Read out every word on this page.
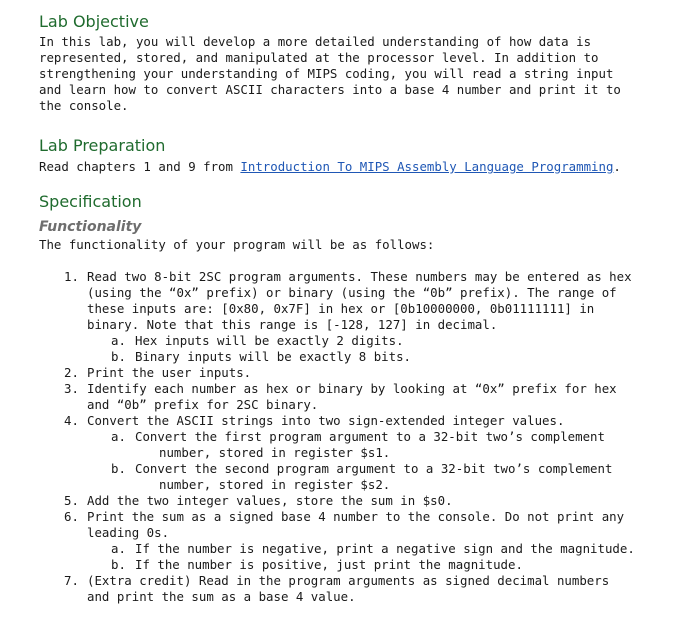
Lab Objective

In this lab, you will develop a more detailed understanding of how data is represented, stored, and manipulated at the processor level. In addition to strengthening your understanding of MIPS coding, you will read a string input and learn how to convert ASCII characters into a base 4 number and print it to the console.

Lab Preparation

Read chapters 1 and 9 from Introduction To MIPS Assembly Language Programming.

Specification
Functionality

The functionality of your program will be as follows:

1. Read two 8-bit 2SC program arguments. These numbers may be entered as hex (using the “0x” prefix) or binary (using the “0b” prefix). The range of these inputs are: [0x80, 0x7F] in hex or [0b10000000, 0b01111111] in binary. Note that this range is [-128, 127] in decimal.
a. Hex inputs will be exactly 2 digits.
b. Binary inputs will be exactly 8 bits.
2. Print the user inputs.
3. Identify each number as hex or binary by looking at “0x” prefix for hex and “0b” prefix for 2SC binary.
4. Convert the ASCII strings into two sign-extended integer values.
a. Convert the first program argument to a 32-bit two’s complement number, stored in register $s1.
b. Convert the second program argument to a 32-bit two’s complement number, stored in register $s2.
5. Add the two integer values, store the sum in $s0.
6. Print the sum as a signed base 4 number to the console. Do not print any leading 0s.
a. If the number is negative, print a negative sign and the magnitude.
b. If the number is positive, just print the magnitude.
7. (Extra credit) Read in the program arguments as signed decimal numbers and print the sum as a base 4 value.
